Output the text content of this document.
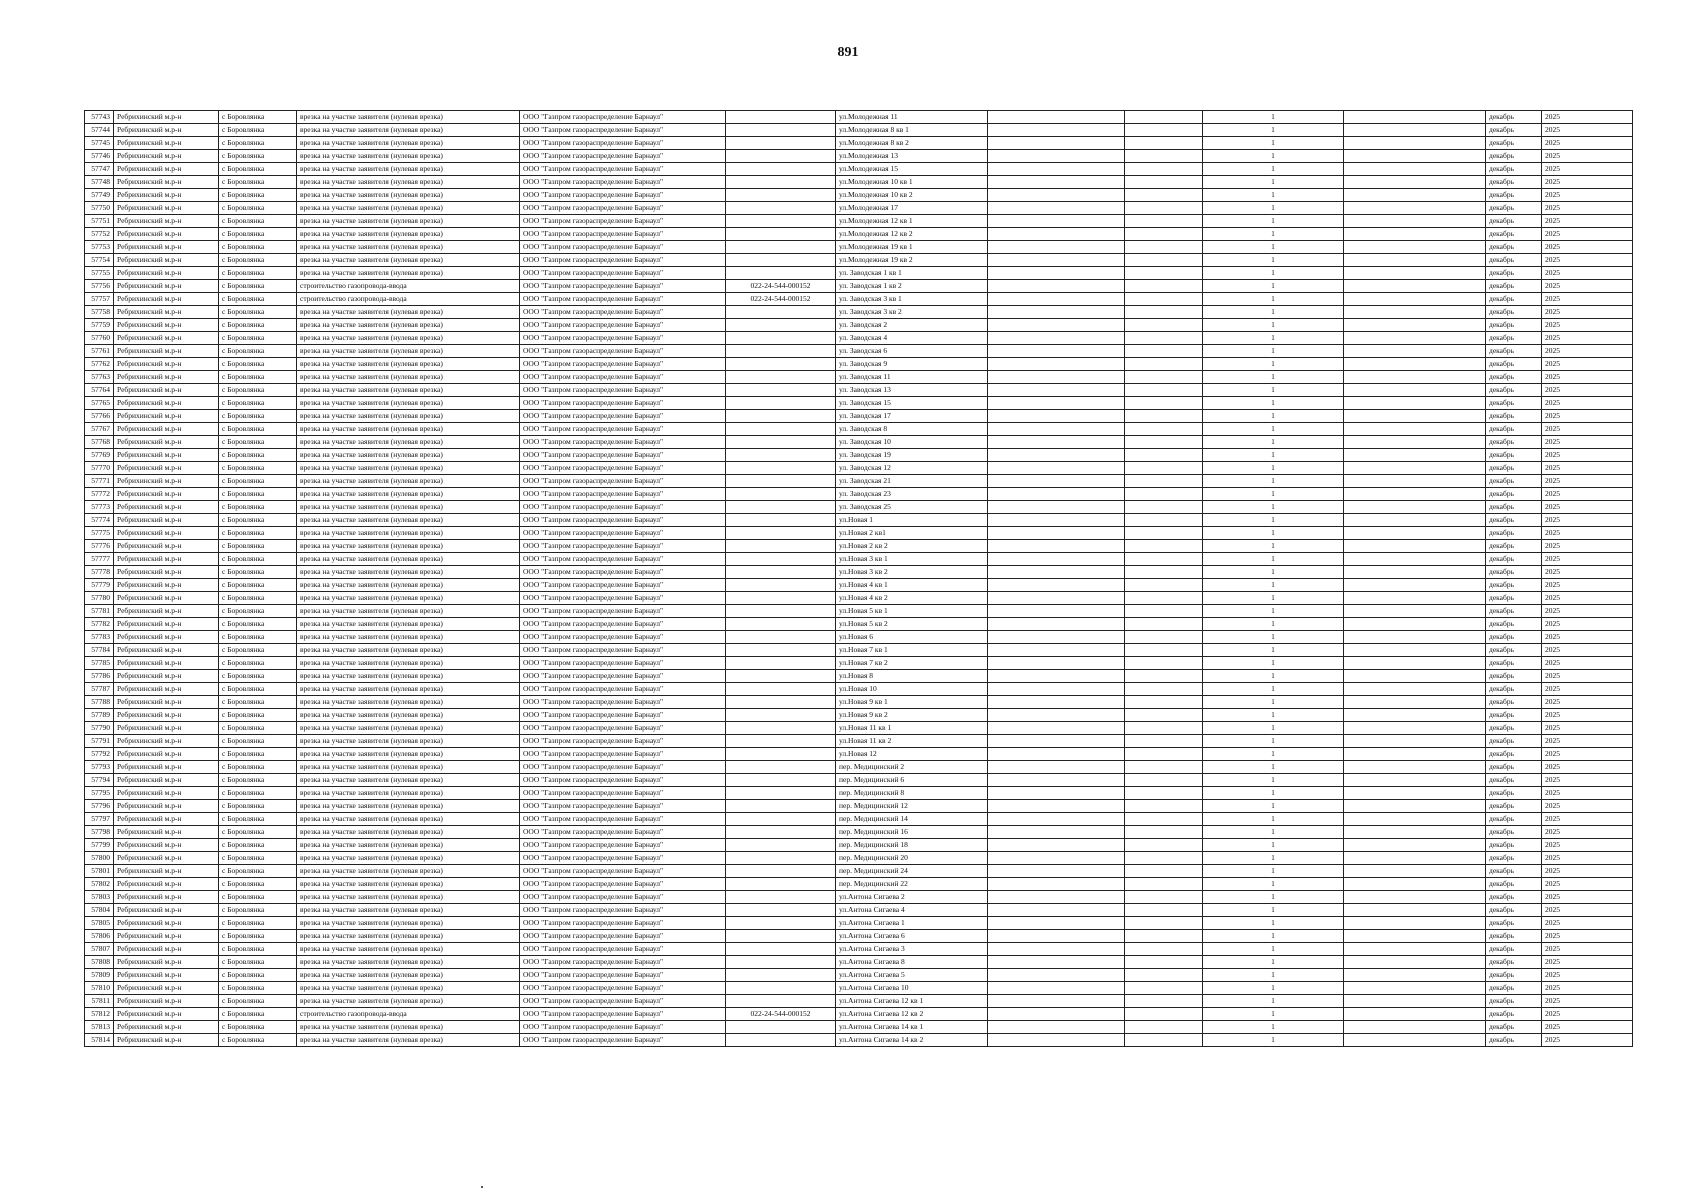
891
57743	Ребрихинский м.р-н	с Боровлянка	врезка на участке заявителя (нулевая врезка)	ООО "Газпром газораспределение Барнаул"		ул.Молодежная 11			1		декабрь	2025
57744	Ребрихинский м.р-н	с Боровлянка	врезка на участке заявителя (нулевая врезка)	ООО "Газпром газораспределение Барнаул"		ул.Молодежная 8 кв 1			1		декабрь	2025
57745	Ребрихинский м.р-н	с Боровлянка	врезка на участке заявителя (нулевая врезка)	ООО "Газпром газораспределение Барнаул"		ул.Молодежная 8 кв 2			1		декабрь	2025
57746	Ребрихинский м.р-н	с Боровлянка	врезка на участке заявителя (нулевая врезка)	ООО "Газпром газораспределение Барнаул"		ул.Молодежная 13			1		декабрь	2025
57747	Ребрихинский м.р-н	с Боровлянка	врезка на участке заявителя (нулевая врезка)	ООО "Газпром газораспределение Барнаул"		ул.Молодежная 15			1		декабрь	2025
57748	Ребрихинский м.р-н	с Боровлянка	врезка на участке заявителя (нулевая врезка)	ООО "Газпром газораспределение Барнаул"		ул.Молодежная 10 кв 1			1		декабрь	2025
57749	Ребрихинский м.р-н	с Боровлянка	врезка на участке заявителя (нулевая врезка)	ООО "Газпром газораспределение Барнаул"		ул.Молодежная 10 кв 2			1		декабрь	2025
57750	Ребрихинский м.р-н	с Боровлянка	врезка на участке заявителя (нулевая врезка)	ООО "Газпром газораспределение Барнаул"		ул.Молодежная 17			1		декабрь	2025
57751	Ребрихинский м.р-н	с Боровлянка	врезка на участке заявителя (нулевая врезка)	ООО "Газпром газораспределение Барнаул"		ул.Молодежная 12 кв 1			1		декабрь	2025
57752	Ребрихинский м.р-н	с Боровлянка	врезка на участке заявителя (нулевая врезка)	ООО "Газпром газораспределение Барнаул"		ул.Молодежная 12 кв 2			1		декабрь	2025
57753	Ребрихинский м.р-н	с Боровлянка	врезка на участке заявителя (нулевая врезка)	ООО "Газпром газораспределение Барнаул"		ул.Молодежная 19 кв 1			1		декабрь	2025
57754	Ребрихинский м.р-н	с Боровлянка	врезка на участке заявителя (нулевая врезка)	ООО "Газпром газораспределение Барнаул"		ул.Молодежная 19 кв 2			1		декабрь	2025
57755	Ребрихинский м.р-н	с Боровлянка	врезка на участке заявителя (нулевая врезка)	ООО "Газпром газораспределение Барнаул"		ул. Заводская 1 кв 1			1		декабрь	2025
57756	Ребрихинский м.р-н	с Боровлянка	строительство газопровода-ввода	ООО "Газпром газораспределение Барнаул"	022-24-544-000152	ул. Заводская 1 кв 2			1		декабрь	2025
57757	Ребрихинский м.р-н	с Боровлянка	строительство газопровода-ввода	ООО "Газпром газораспределение Барнаул"	022-24-544-000152	ул. Заводская 3 кв 1			1		декабрь	2025
57758	Ребрихинский м.р-н	с Боровлянка	врезка на участке заявителя (нулевая врезка)	ООО "Газпром газораспределение Барнаул"		ул. Заводская 3 кв 2			1		декабрь	2025
57759	Ребрихинский м.р-н	с Боровлянка	врезка на участке заявителя (нулевая врезка)	ООО "Газпром газораспределение Барнаул"		ул. Заводская 2			1		декабрь	2025
57760	Ребрихинский м.р-н	с Боровлянка	врезка на участке заявителя (нулевая врезка)	ООО "Газпром газораспределение Барнаул"		ул. Заводская 4			1		декабрь	2025
57761	Ребрихинский м.р-н	с Боровлянка	врезка на участке заявителя (нулевая врезка)	ООО "Газпром газораспределение Барнаул"		ул. Заводская 6			1		декабрь	2025
57762	Ребрихинский м.р-н	с Боровлянка	врезка на участке заявителя (нулевая врезка)	ООО "Газпром газораспределение Барнаул"		ул. Заводская 9			1		декабрь	2025
57763	Ребрихинский м.р-н	с Боровлянка	врезка на участке заявителя (нулевая врезка)	ООО "Газпром газораспределение Барнаул"		ул. Заводская 11			1		декабрь	2025
57764	Ребрихинский м.р-н	с Боровлянка	врезка на участке заявителя (нулевая врезка)	ООО "Газпром газораспределение Барнаул"		ул. Заводская 13			1		декабрь	2025
57765	Ребрихинский м.р-н	с Боровлянка	врезка на участке заявителя (нулевая врезка)	ООО "Газпром газораспределение Барнаул"		ул. Заводская 15			1		декабрь	2025
57766	Ребрихинский м.р-н	с Боровлянка	врезка на участке заявителя (нулевая врезка)	ООО "Газпром газораспределение Барнаул"		ул. Заводская 17			1		декабрь	2025
57767	Ребрихинский м.р-н	с Боровлянка	врезка на участке заявителя (нулевая врезка)	ООО "Газпром газораспределение Барнаул"		ул. Заводская 8			1		декабрь	2025
57768	Ребрихинский м.р-н	с Боровлянка	врезка на участке заявителя (нулевая врезка)	ООО "Газпром газораспределение Барнаул"		ул. Заводская 10			1		декабрь	2025
57769	Ребрихинский м.р-н	с Боровлянка	врезка на участке заявителя (нулевая врезка)	ООО "Газпром газораспределение Барнаул"		ул. Заводская 19			1		декабрь	2025
57770	Ребрихинский м.р-н	с Боровлянка	врезка на участке заявителя (нулевая врезка)	ООО "Газпром газораспределение Барнаул"		ул. Заводская 12			1		декабрь	2025
57771	Ребрихинский м.р-н	с Боровлянка	врезка на участке заявителя (нулевая врезка)	ООО "Газпром газораспределение Барнаул"		ул. Заводская 21			1		декабрь	2025
57772	Ребрихинский м.р-н	с Боровлянка	врезка на участке заявителя (нулевая врезка)	ООО "Газпром газораспределение Барнаул"		ул. Заводская 23			1		декабрь	2025
57773	Ребрихинский м.р-н	с Боровлянка	врезка на участке заявителя (нулевая врезка)	ООО "Газпром газораспределение Барнаул"		ул. Заводская 25			1		декабрь	2025
57774	Ребрихинский м.р-н	с Боровлянка	врезка на участке заявителя (нулевая врезка)	ООО "Газпром газораспределение Барнаул"		ул.Новая 1			1		декабрь	2025
57775	Ребрихинский м.р-н	с Боровлянка	врезка на участке заявителя (нулевая врезка)	ООО "Газпром газораспределение Барнаул"		ул.Новая 2 кв1			1		декабрь	2025
57776	Ребрихинский м.р-н	с Боровлянка	врезка на участке заявителя (нулевая врезка)	ООО "Газпром газораспределение Барнаул"		ул.Новая 2 кв 2			1		декабрь	2025
57777	Ребрихинский м.р-н	с Боровлянка	врезка на участке заявителя (нулевая врезка)	ООО "Газпром газораспределение Барнаул"		ул.Новая 3 кв 1			1		декабрь	2025
57778	Ребрихинский м.р-н	с Боровлянка	врезка на участке заявителя (нулевая врезка)	ООО "Газпром газораспределение Барнаул"		ул.Новая 3 кв 2			1		декабрь	2025
57779	Ребрихинский м.р-н	с Боровлянка	врезка на участке заявителя (нулевая врезка)	ООО "Газпром газораспределение Барнаул"		ул.Новая 4 кв 1			1		декабрь	2025
57780	Ребрихинский м.р-н	с Боровлянка	врезка на участке заявителя (нулевая врезка)	ООО "Газпром газораспределение Барнаул"		ул.Новая 4 кв 2			1		декабрь	2025
57781	Ребрихинский м.р-н	с Боровлянка	врезка на участке заявителя (нулевая врезка)	ООО "Газпром газораспределение Барнаул"		ул.Новая 5 кв 1			1		декабрь	2025
57782	Ребрихинский м.р-н	с Боровлянка	врезка на участке заявителя (нулевая врезка)	ООО "Газпром газораспределение Барнаул"		ул.Новая 5 кв 2			1		декабрь	2025
57783	Ребрихинский м.р-н	с Боровлянка	врезка на участке заявителя (нулевая врезка)	ООО "Газпром газораспределение Барнаул"		ул.Новая 6			1		декабрь	2025
57784	Ребрихинский м.р-н	с Боровлянка	врезка на участке заявителя (нулевая врезка)	ООО "Газпром газораспределение Барнаул"		ул.Новая 7 кв 1			1		декабрь	2025
57785	Ребрихинский м.р-н	с Боровлянка	врезка на участке заявителя (нулевая врезка)	ООО "Газпром газораспределение Барнаул"		ул.Новая 7 кв 2			1		декабрь	2025
57786	Ребрихинский м.р-н	с Боровлянка	врезка на участке заявителя (нулевая врезка)	ООО "Газпром газораспределение Барнаул"		ул.Новая 8			1		декабрь	2025
57787	Ребрихинский м.р-н	с Боровлянка	врезка на участке заявителя (нулевая врезка)	ООО "Газпром газораспределение Барнаул"		ул.Новая 10			1		декабрь	2025
57788	Ребрихинский м.р-н	с Боровлянка	врезка на участке заявителя (нулевая врезка)	ООО "Газпром газораспределение Барнаул"		ул.Новая 9 кв 1			1		декабрь	2025
57789	Ребрихинский м.р-н	с Боровлянка	врезка на участке заявителя (нулевая врезка)	ООО "Газпром газораспределение Барнаул"		ул.Новая 9 кв 2			1		декабрь	2025
57790	Ребрихинский м.р-н	с Боровлянка	врезка на участке заявителя (нулевая врезка)	ООО "Газпром газораспределение Барнаул"		ул.Новая 11 кв 1			1		декабрь	2025
57791	Ребрихинский м.р-н	с Боровлянка	врезка на участке заявителя (нулевая врезка)	ООО "Газпром газораспределение Барнаул"		ул.Новая 11 кв 2			1		декабрь	2025
57792	Ребрихинский м.р-н	с Боровлянка	врезка на участке заявителя (нулевая врезка)	ООО "Газпром газораспределение Барнаул"		ул.Новая 12			1		декабрь	2025
57793	Ребрихинский м.р-н	с Боровлянка	врезка на участке заявителя (нулевая врезка)	ООО "Газпром газораспределение Барнаул"		пер. Медицинский 2			1		декабрь	2025
57794	Ребрихинский м.р-н	с Боровлянка	врезка на участке заявителя (нулевая врезка)	ООО "Газпром газораспределение Барнаул"		пер. Медицинский 6			1		декабрь	2025
57795	Ребрихинский м.р-н	с Боровлянка	врезка на участке заявителя (нулевая врезка)	ООО "Газпром газораспределение Барнаул"		пер. Медицинский 8			1		декабрь	2025
57796	Ребрихинский м.р-н	с Боровлянка	врезка на участке заявителя (нулевая врезка)	ООО "Газпром газораспределение Барнаул"		пер. Медицинский 12			1		декабрь	2025
57797	Ребрихинский м.р-н	с Боровлянка	врезка на участке заявителя (нулевая врезка)	ООО "Газпром газораспределение Барнаул"		пер. Медицинский 14			1		декабрь	2025
57798	Ребрихинский м.р-н	с Боровлянка	врезка на участке заявителя (нулевая врезка)	ООО "Газпром газораспределение Барнаул"		пер. Медицинский 16			1		декабрь	2025
57799	Ребрихинский м.р-н	с Боровлянка	врезка на участке заявителя (нулевая врезка)	ООО "Газпром газораспределение Барнаул"		пер. Медицинский 18			1		декабрь	2025
57800	Ребрихинский м.р-н	с Боровлянка	врезка на участке заявителя (нулевая врезка)	ООО "Газпром газораспределение Барнаул"		пер. Медицинский 20			1		декабрь	2025
57801	Ребрихинский м.р-н	с Боровлянка	врезка на участке заявителя (нулевая врезка)	ООО "Газпром газораспределение Барнаул"		пер. Медицинский 24			1		декабрь	2025
57802	Ребрихинский м.р-н	с Боровлянка	врезка на участке заявителя (нулевая врезка)	ООО "Газпром газораспределение Барнаул"		пер. Медицинский 22			1		декабрь	2025
57803	Ребрихинский м.р-н	с Боровлянка	врезка на участке заявителя (нулевая врезка)	ООО "Газпром газораспределение Барнаул"		ул.Антона Сигаева 2			1		декабрь	2025
57804	Ребрихинский м.р-н	с Боровлянка	врезка на участке заявителя (нулевая врезка)	ООО "Газпром газораспределение Барнаул"		ул.Антона Сигаева 4			1		декабрь	2025
57805	Ребрихинский м.р-н	с Боровлянка	врезка на участке заявителя (нулевая врезка)	ООО "Газпром газораспределение Барнаул"		ул.Антона Сигаева 1			1		декабрь	2025
57806	Ребрихинский м.р-н	с Боровлянка	врезка на участке заявителя (нулевая врезка)	ООО "Газпром газораспределение Барнаул"		ул.Антона Сигаева 6			1		декабрь	2025
57807	Ребрихинский м.р-н	с Боровлянка	врезка на участке заявителя (нулевая врезка)	ООО "Газпром газораспределение Барнаул"		ул.Антона Сигаева 3			1		декабрь	2025
57808	Ребрихинский м.р-н	с Боровлянка	врезка на участке заявителя (нулевая врезка)	ООО "Газпром газораспределение Барнаул"		ул.Антона Сигаева 8			1		декабрь	2025
57809	Ребрихинский м.р-н	с Боровлянка	врезка на участке заявителя (нулевая врезка)	ООО "Газпром газораспределение Барнаул"		ул.Антона Сигаева 5			1		декабрь	2025
57810	Ребрихинский м.р-н	с Боровлянка	врезка на участке заявителя (нулевая врезка)	ООО "Газпром газораспределение Барнаул"		ул.Антона Сигаева 10			1		декабрь	2025
57811	Ребрихинский м.р-н	с Боровлянка	врезка на участке заявителя (нулевая врезка)	ООО "Газпром газораспределение Барнаул"		ул.Антона Сигаева 12 кв 1			1		декабрь	2025
57812	Ребрихинский м.р-н	с Боровлянка	строительство газопровода-ввода	ООО "Газпром газораспределение Барнаул"	022-24-544-000152	ул.Антона Сигаева 12 кв 2			1		декабрь	2025
57813	Ребрихинский м.р-н	с Боровлянка	врезка на участке заявителя (нулевая врезка)	ООО "Газпром газораспределение Барнаул"		ул.Антона Сигаева 14 кв 1			1		декабрь	2025
57814	Ребрихинский м.р-н	с Боровлянка	врезка на участке заявителя (нулевая врезка)	ООО "Газпром газораспределение Барнаул"		ул.Антона Сигаева 14 кв 2			1		декабрь	2025
